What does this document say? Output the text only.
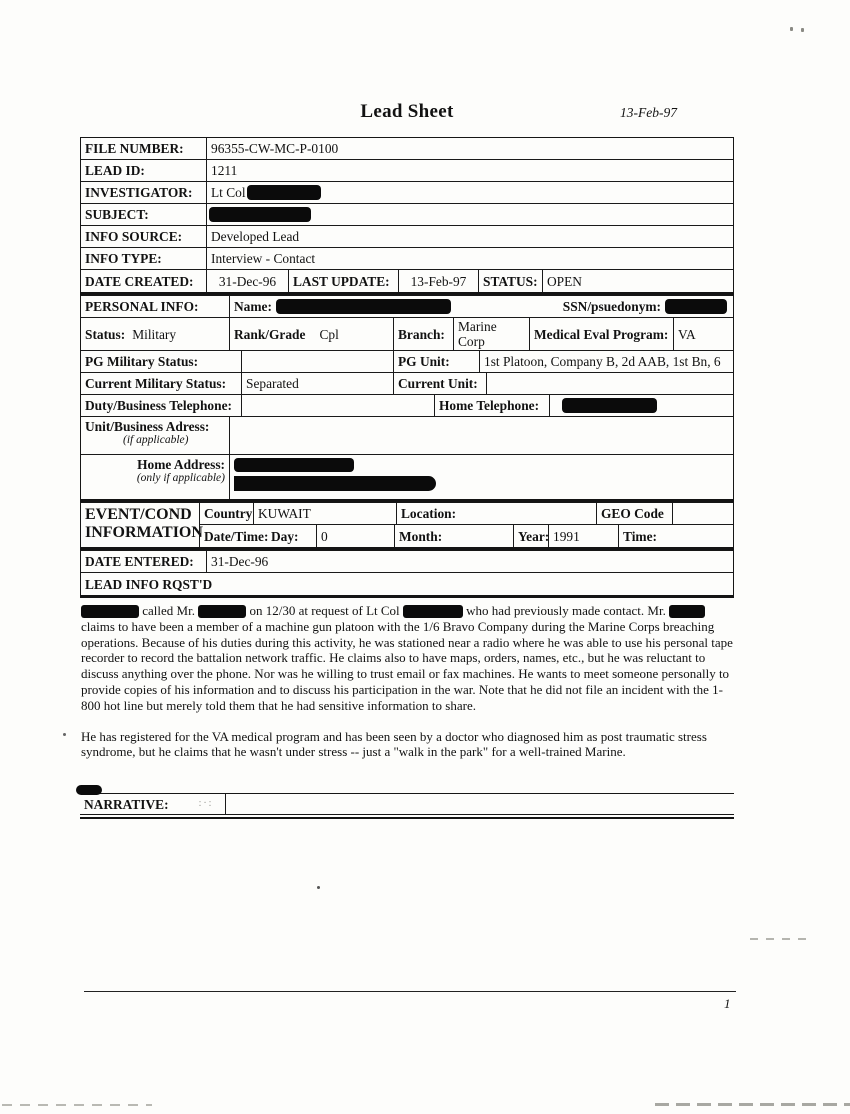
Lead Sheet	13-Feb-97
FILE NUMBER:	96355-CW-MC-P-0100
LEAD ID:	1211
INVESTIGATOR:	Lt Col
SUBJECT:
INFO SOURCE:	Developed Lead
INFO TYPE:	Interview - Contact
DATE CREATED:	31-Dec-96	LAST UPDATE:	13-Feb-97	STATUS: OPEN
PERSONAL INFO:	Name:	SSN/psuedonym:
Status: Military	Rank/Grade Cpl	Branch: Marine Corp	Medical Eval Program: VA
PG Military Status:	PG Unit:	1st Platoon, Company B, 2d AAB, 1st Bn, 6
Current Military Status:	Separated	Current Unit:
Duty/Business Telephone:	Home Telephone:
Unit/Business Adress:
(if applicable)
Home Address:
(only if applicable)
EVENT/COND
INFORMATION
Country KUWAIT	Location:	GEO Code
Date/Time: Day:	0	Month:	Year: 1991	Time:
DATE ENTERED:	31-Dec-96
LEAD INFO RQST'D

called Mr.	on 12/30 at request of Lt Col	who had previously made contact. Mr.  claims to have been a member of a machine gun platoon with the 1/6 Bravo Company during the Marine Corps breaching operations. Because of his duties during this activity, he was stationed near a radio where he was able to use his personal tape recorder to record the battalion network traffic. He claims also to have maps, orders, names, etc., but he was reluctant to discuss anything over the phone. Nor was he willing to trust email or fax machines. He wants to meet someone personally to provide copies of his information and to discuss his participation in the war. Note that he did not file an incident with the 1-800 hot line but merely told them that he had sensitive information to share.

He has registered for the VA medical program and has been seen by a doctor who diagnosed him as post traumatic stress syndrome, but he claims that he wasn't under stress -- just a "walk in the park" for a well-trained Marine.

NARRATIVE:	:·:
1
